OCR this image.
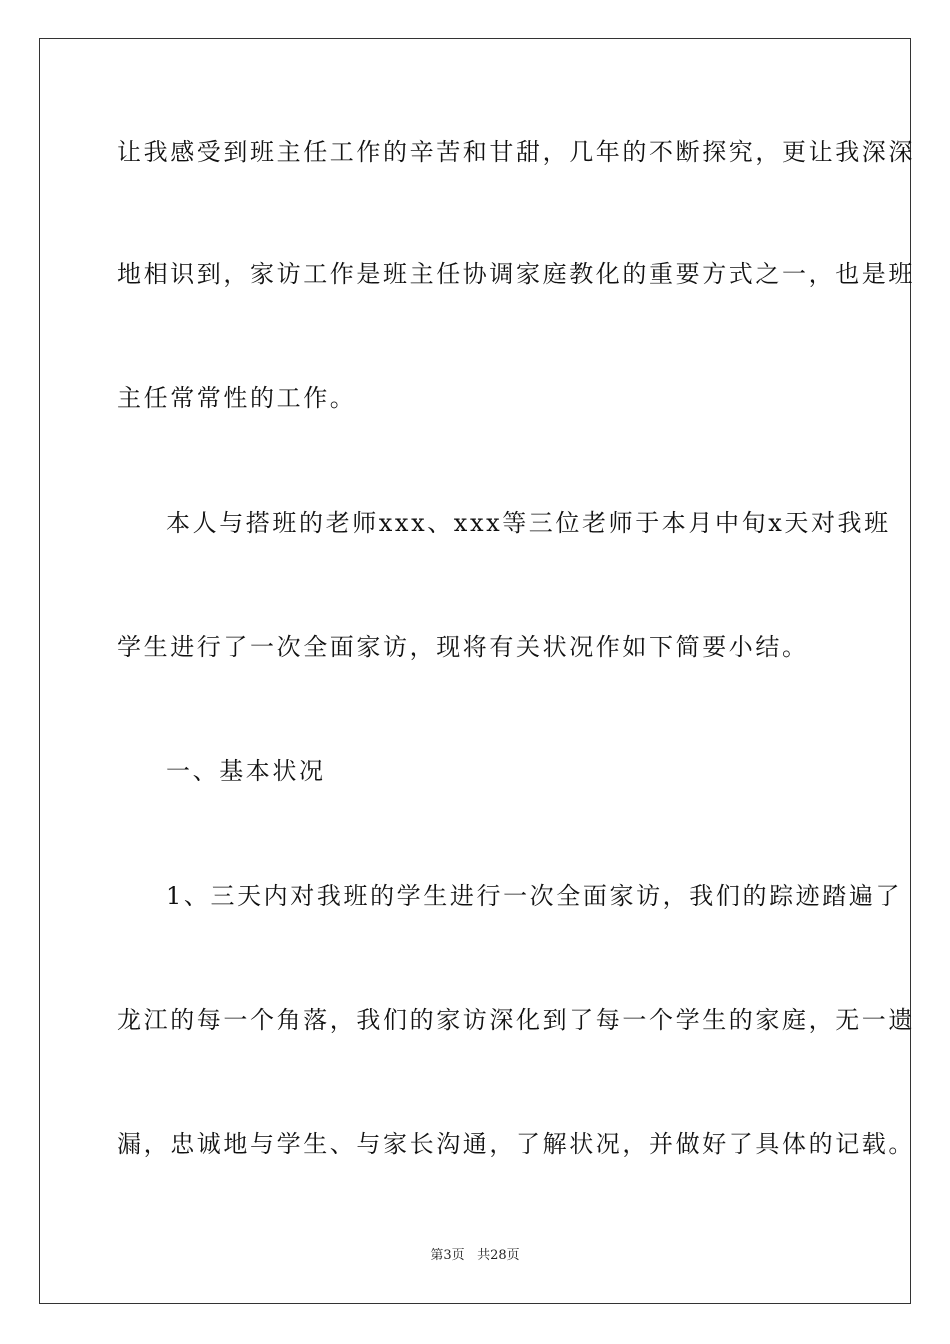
让我感受到班主任工作的辛苦和甘甜，几年的不断探究，更让我深深
地相识到，家访工作是班主任协调家庭教化的重要方式之一，也是班
主任常常性的工作。
本人与搭班的老师xxx、xxx等三位老师于本月中旬x天对我班
学生进行了一次全面家访，现将有关状况作如下简要小结。
一、基本状况
1、三天内对我班的学生进行一次全面家访，我们的踪迹踏遍了
龙江的每一个角落，我们的家访深化到了每一个学生的家庭，无一遗
漏，忠诚地与学生、与家长沟通，了解状况，并做好了具体的记载。
第3页 共28页
